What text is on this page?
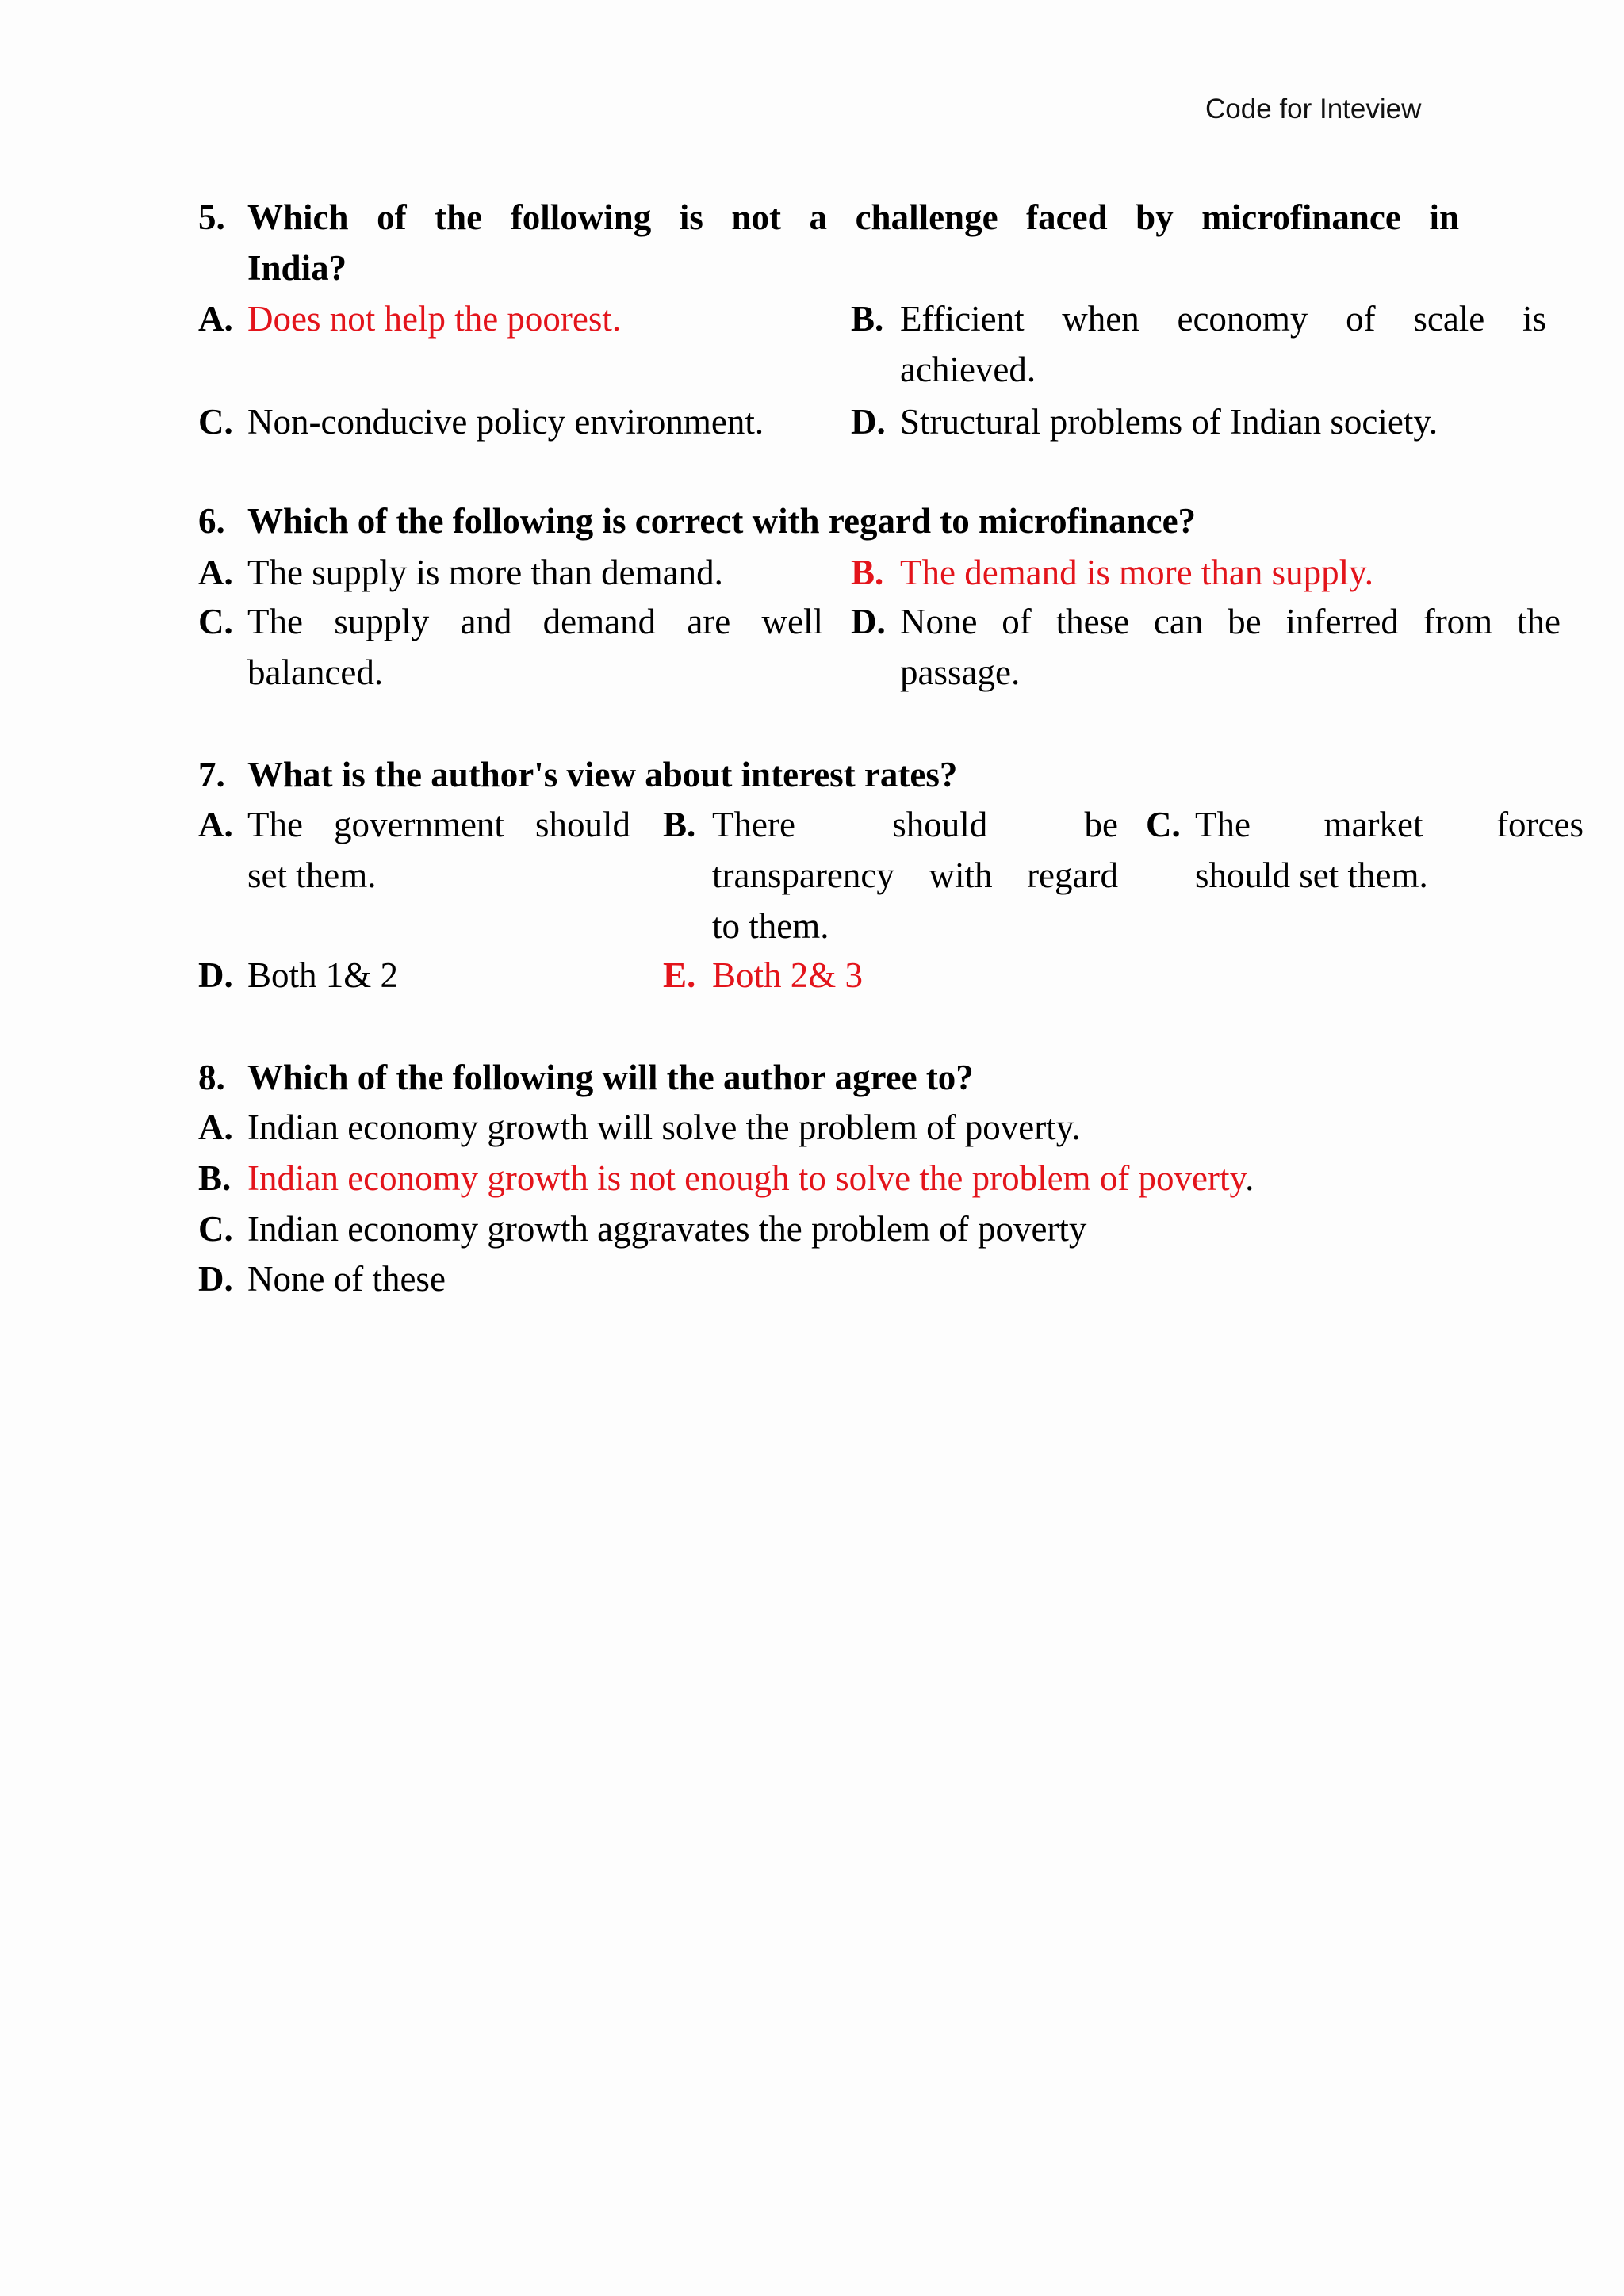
Code for Inteview
5. Which of the following is not a challenge faced by microfinance in
India?
A. Does not help the poorest.	B. Efficient when economy of scale is
achieved.
C. Non-conducive policy environment.	D. Structural problems of Indian society.
6. Which of the following is correct with regard to microfinance?
A. The supply is more than demand.	B. The demand is more than supply.
C. The supply and demand are well
balanced.
D. None of these can be inferred from the
passage.
7. What is the author's view about interest rates?
A. The government should
set them.
B. There should be
transparency with regard
to them.
C. The market forces
should set them.
D. Both 1& 2	E. Both 2& 3
8. Which of the following will the author agree to?
A. Indian economy growth will solve the problem of poverty.
B. Indian economy growth is not enough to solve the problem of poverty.
C. Indian economy growth aggravates the problem of poverty
D. None of these
